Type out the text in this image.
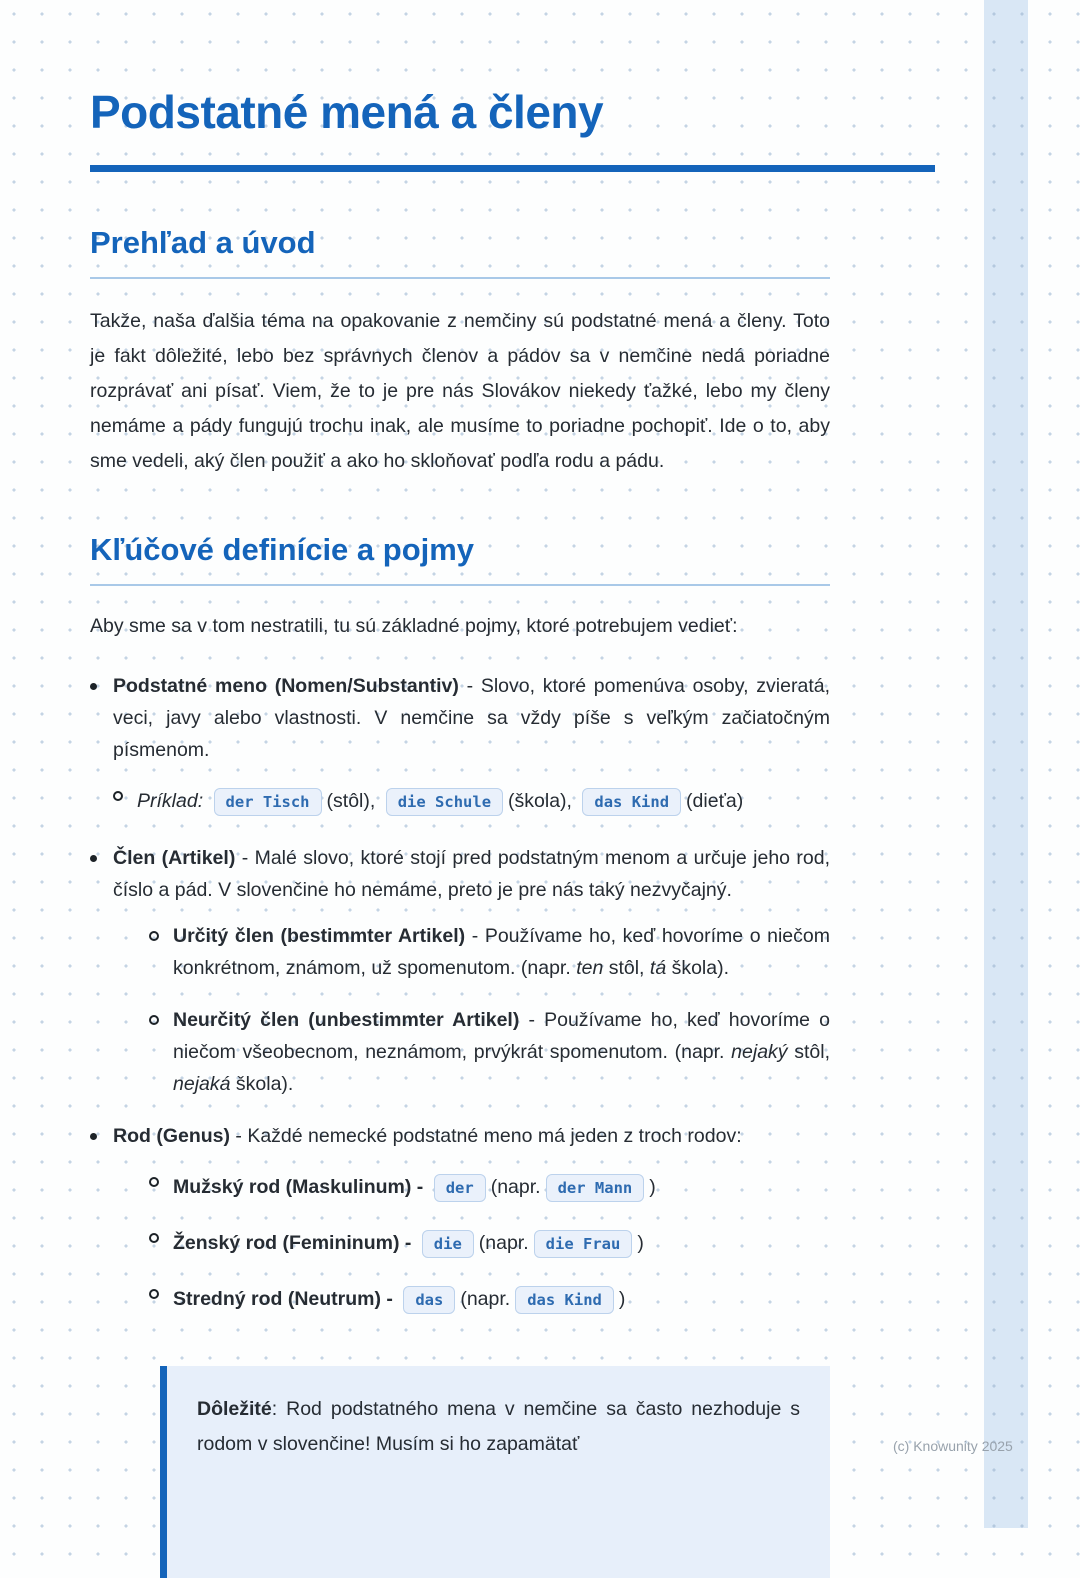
Podstatné mená a členy
Prehľad a úvod
Takže, naša ďalšia téma na opakovanie z nemčiny sú podstatné mená a členy. Toto je fakt dôležité, lebo bez správnych členov a pádov sa v nemčine nedá poriadne rozprávať ani písať. Viem, že to je pre nás Slovákov niekedy ťažké, lebo my členy nemáme a pády fungujú trochu inak, ale musíme to poriadne pochopiť. Ide o to, aby sme vedeli, aký člen použiť a ako ho skloňovať podľa rodu a pádu.
Kľúčové definície a pojmy
Aby sme sa v tom nestratili, tu sú základné pojmy, ktoré potrebujem vedieť:
Podstatné meno (Nomen/Substantiv) - Slovo, ktoré pomenúva osoby, zvieratá, veci, javy alebo vlastnosti. V nemčine sa vždy píše s veľkým začiatočným písmenom.
Príklad: der Tisch (stôl), die Schule (škola), das Kind (dieťa)
Člen (Artikel) - Malé slovo, ktoré stojí pred podstatným menom a určuje jeho rod, číslo a pád. V slovenčine ho nemáme, preto je pre nás taký nezvyčajný.
Určitý člen (bestimmter Artikel) - Používame ho, keď hovoríme o niečom konkrétnom, známom, už spomenutom. (napr. ten stôl, tá škola).
Neurčitý člen (unbestimmter Artikel) - Používame ho, keď hovoríme o niečom všeobecnom, neznámom, prvýkrát spomenutom. (napr. nejaký stôl, nejaká škola).
Rod (Genus) - Každé nemecké podstatné meno má jeden z troch rodov:
Mužský rod (Maskulinum) - der (napr. der Mann )
Ženský rod (Femininum) - die (napr. die Frau )
Stredný rod (Neutrum) - das (napr. das Kind )
Dôležité: Rod podstatného mena v nemčine sa často nezhoduje s rodom v slovenčine! Musím si ho zapamätať	(c) Knowunity 2025
